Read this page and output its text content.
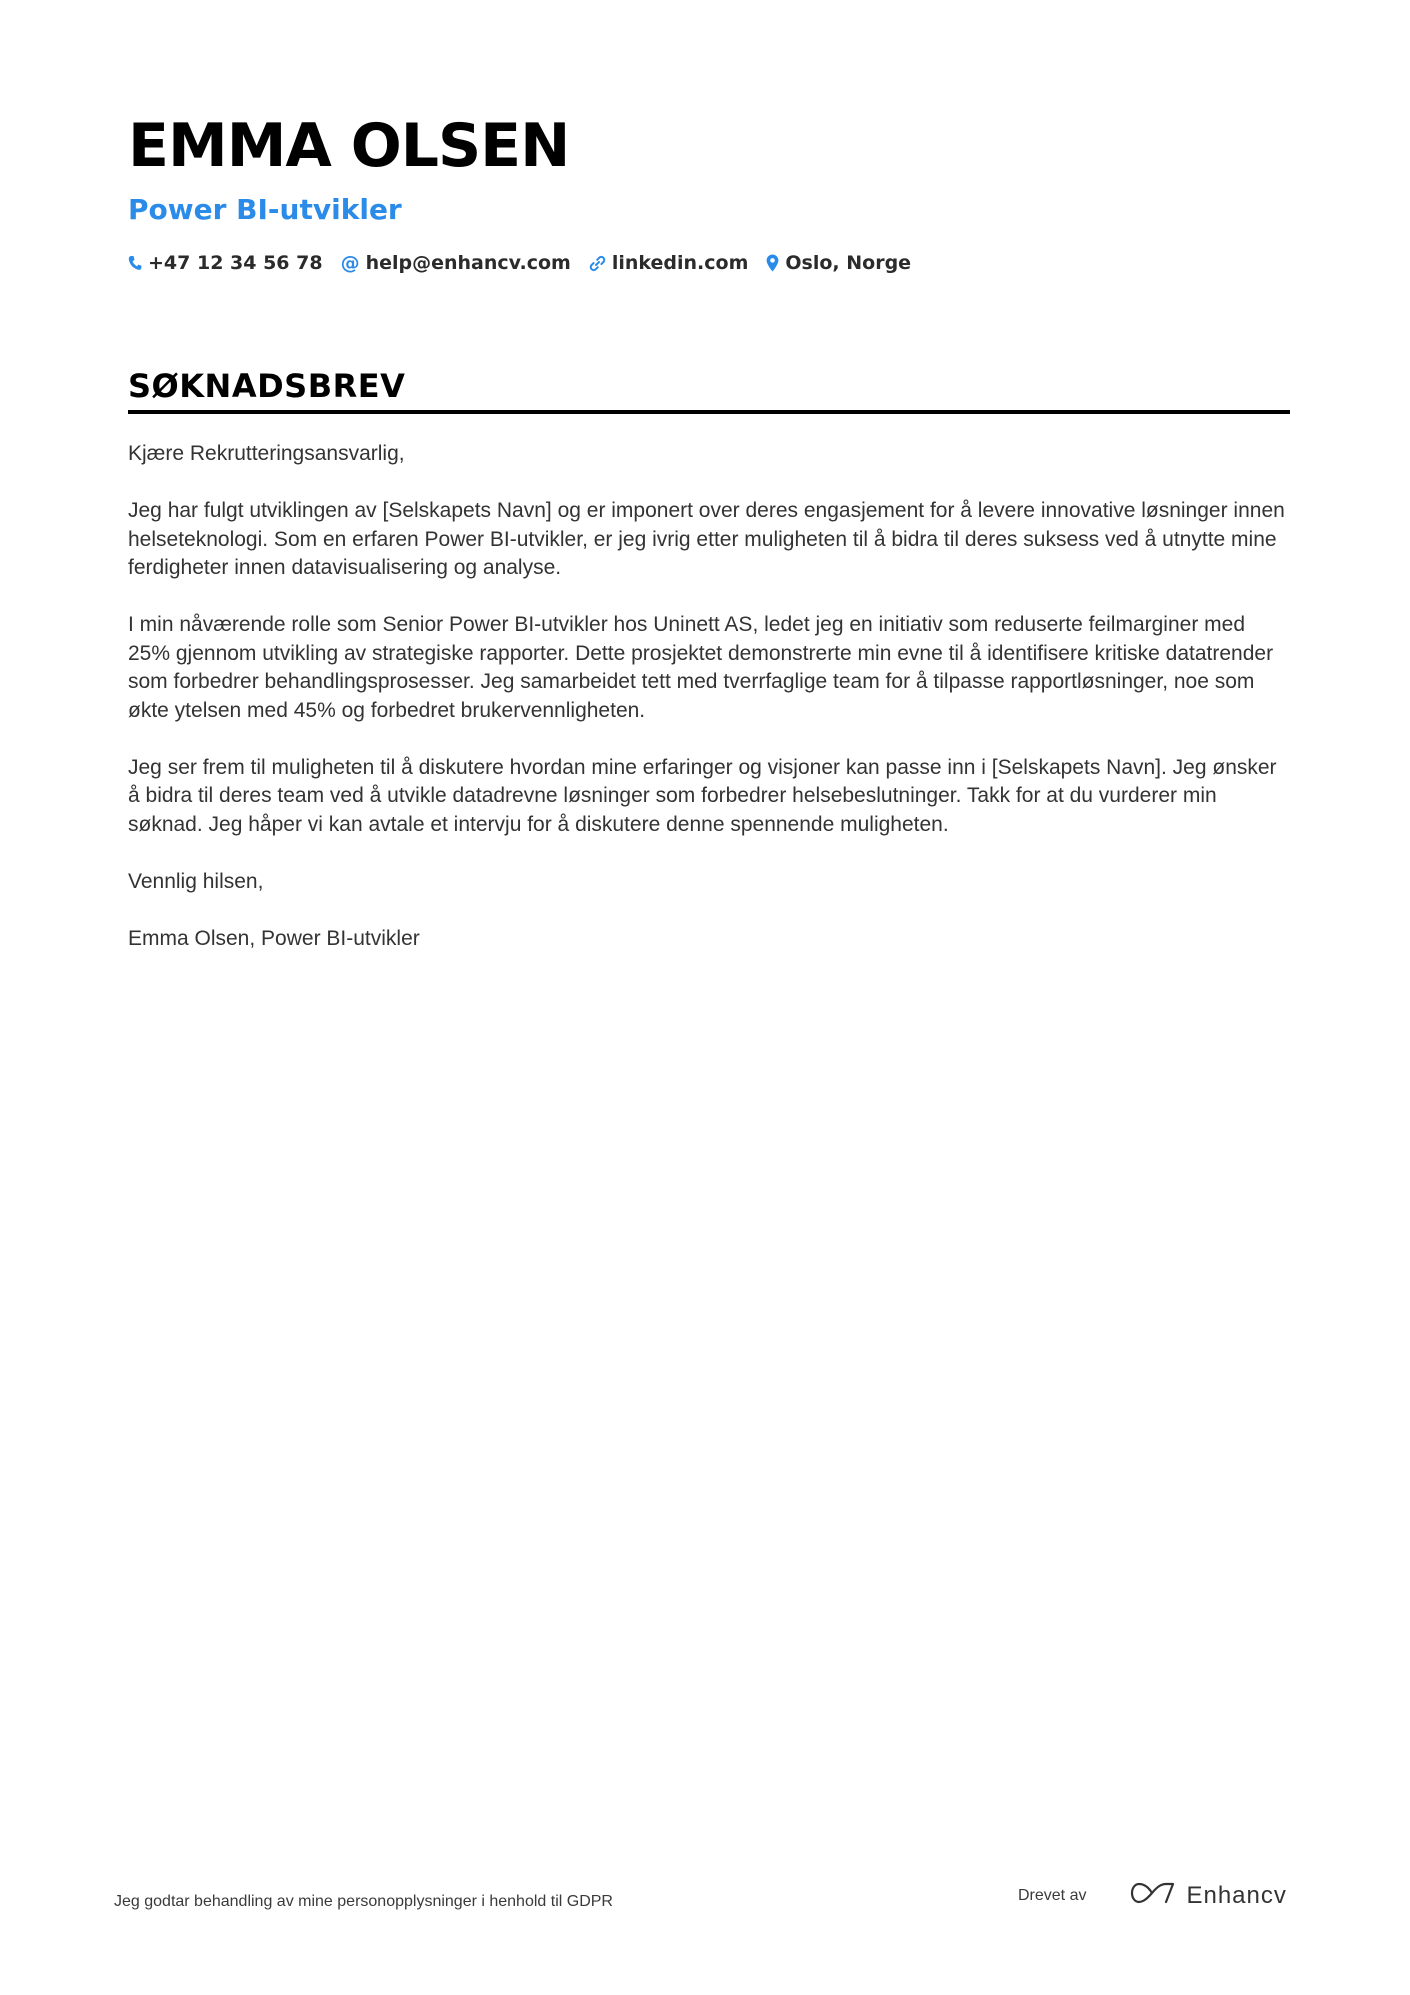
EMMA OLSEN
Power BI-utvikler
+47 12 34 56 78 @ help@enhancv.com linkedin.com Oslo, Norge
SØKNADSBREV

Kjære Rekrutteringsansvarlig,

Jeg har fulgt utviklingen av [Selskapets Navn] og er imponert over deres engasjement for å levere innovative løsninger innen helseteknologi. Som en erfaren Power BI-utvikler, er jeg ivrig etter muligheten til å bidra til deres suksess ved å utnytte mine ferdigheter innen datavisualisering og analyse.

I min nåværende rolle som Senior Power BI-utvikler hos Uninett AS, ledet jeg en initiativ som reduserte feilmarginer med 25% gjennom utvikling av strategiske rapporter. Dette prosjektet demonstrerte min evne til å identifisere kritiske datatrender som forbedrer behandlingsprosesser. Jeg samarbeidet tett med tverrfaglige team for å tilpasse rapportløsninger, noe som økte ytelsen med 45% og forbedret brukervennligheten.

Jeg ser frem til muligheten til å diskutere hvordan mine erfaringer og visjoner kan passe inn i [Selskapets Navn]. Jeg ønsker å bidra til deres team ved å utvikle datadrevne løsninger som forbedrer helsebeslutninger. Takk for at du vurderer min søknad. Jeg håper vi kan avtale et intervju for å diskutere denne spennende muligheten.

Vennlig hilsen,

Emma Olsen, Power BI-utvikler

Jeg godtar behandling av mine personopplysninger i henhold til GDPR	Drevet av	Enhancv
